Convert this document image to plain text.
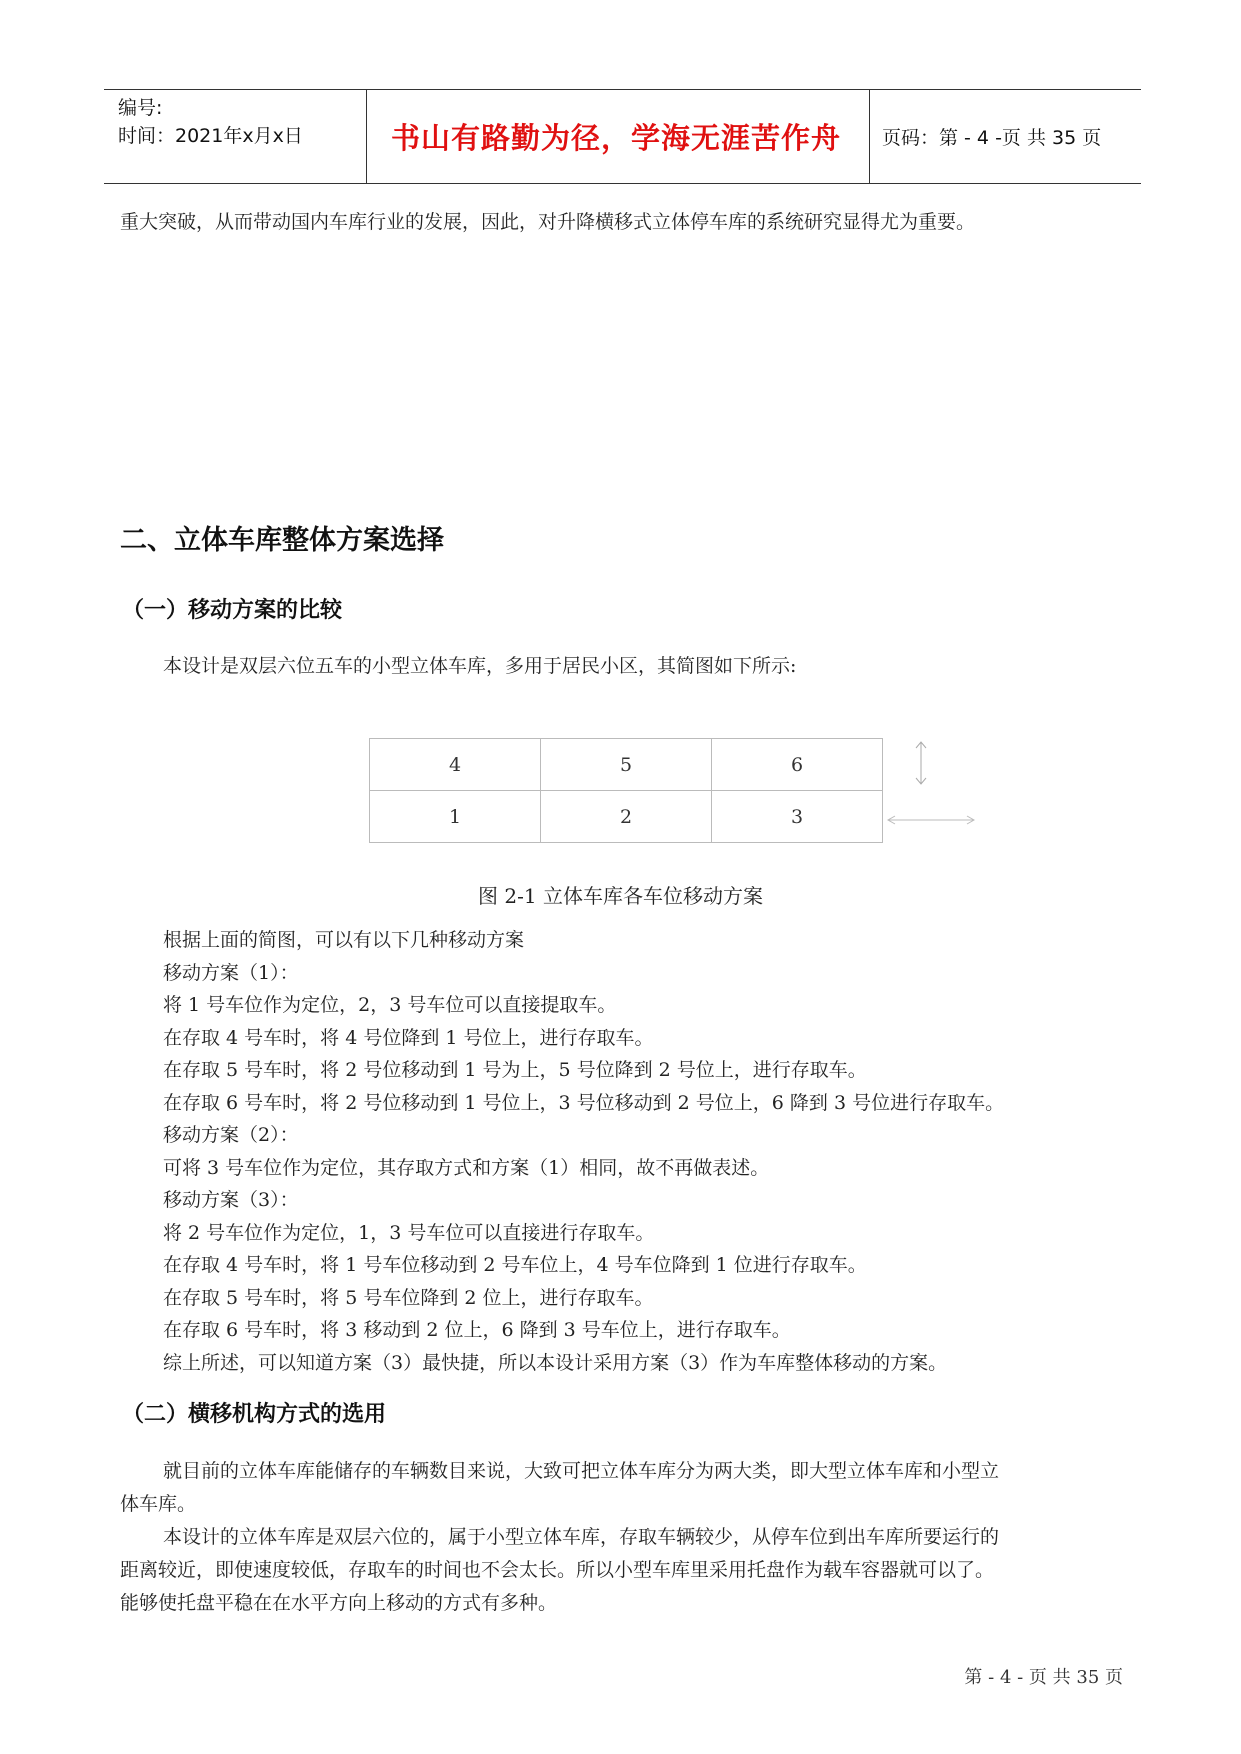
编号:
时间：2021年x月x日	书山有路勤为径，学海无涯苦作舟	页码：第 - 4 -页 共 35 页

重大突破，从而带动国内车库行业的发展，因此，对升降横移式立体停车库的系统研究显得尤为重要。

二、立体车库整体方案选择
（一）移动方案的比较

本设计是双层六位五车的小型立体车库，多用于居民小区，其简图如下所示:

4	5	6
1	2	3

图 2-1 立体车库各车位移动方案

根据上面的简图，可以有以下几种移动方案
移动方案（1）：
将 1 号车位作为定位，2，3 号车位可以直接提取车。
在存取 4 号车时，将 4 号位降到 1 号位上，进行存取车。
在存取 5 号车时，将 2 号位移动到 1 号为上，5 号位降到 2 号位上，进行存取车。
在存取 6 号车时，将 2 号位移动到 1 号位上，3 号位移动到 2 号位上，6 降到 3 号位进行存取车。
移动方案（2）：
可将 3 号车位作为定位，其存取方式和方案（1）相同，故不再做表述。
移动方案（3）：
将 2 号车位作为定位，1，3 号车位可以直接进行存取车。
在存取 4 号车时，将 1 号车位移动到 2 号车位上，4 号车位降到 1 位进行存取车。
在存取 5 号车时，将 5 号车位降到 2 位上，进行存取车。
在存取 6 号车时，将 3 移动到 2 位上，6 降到 3 号车位上，进行存取车。
综上所述，可以知道方案（3）最快捷，所以本设计采用方案（3）作为车库整体移动的方案。
（二）横移机构方式的选用

就目前的立体车库能储存的车辆数目来说，大致可把立体车库分为两大类，即大型立体车库和小型立

体车库。

本设计的立体车库是双层六位的，属于小型立体车库，存取车辆较少，从停车位到出车库所要运行的

距离较近，即使速度较低，存取车的时间也不会太长。所以小型车库里采用托盘作为载车容器就可以了。

能够使托盘平稳在在水平方向上移动的方式有多种。

第 - 4 - 页 共 35 页
